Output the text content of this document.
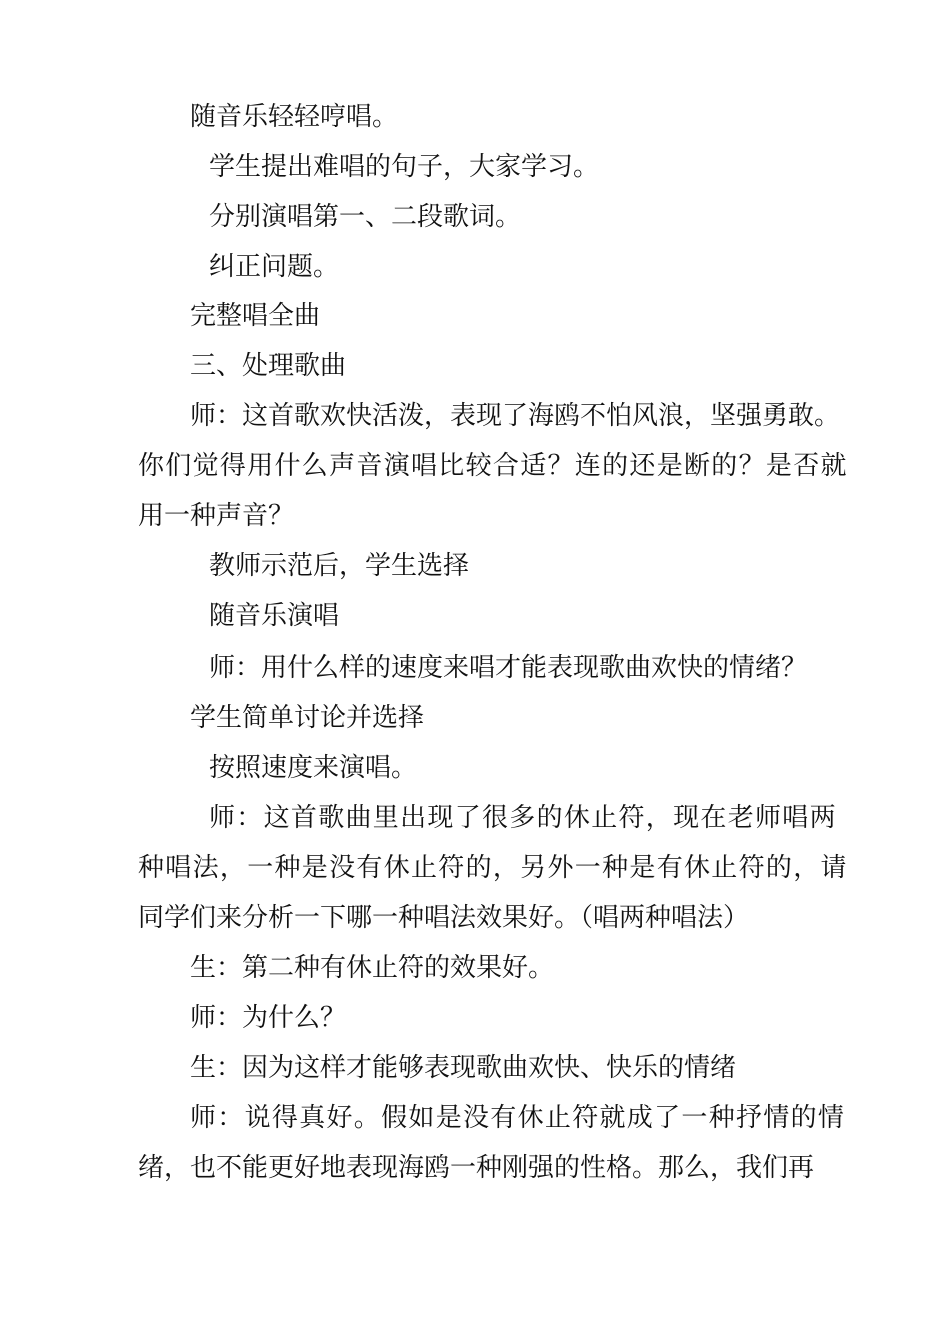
随音乐轻轻哼唱。
学生提出难唱的句子，大家学习。
分别演唱第一、二段歌词。
纠正问题。
完整唱全曲
三、处理歌曲
师：这首歌欢快活泼，表现了海鸥不怕风浪，坚强勇敢。
你们觉得用什么声音演唱比较合适？连的还是断的？是否就
用一种声音？
教师示范后，学生选择
随音乐演唱
师：用什么样的速度来唱才能表现歌曲欢快的情绪？
学生简单讨论并选择
按照速度来演唱。
师：这首歌曲里出现了很多的休止符，现在老师唱两
种唱法，一种是没有休止符的，另外一种是有休止符的，请
同学们来分析一下哪一种唱法效果好。（唱两种唱法）
生：第二种有休止符的效果好。
师：为什么？
生：因为这样才能够表现歌曲欢快、快乐的情绪
师：说得真好。假如是没有休止符就成了一种抒情的情
绪，也不能更好地表现海鸥一种刚强的性格。那么，我们再
